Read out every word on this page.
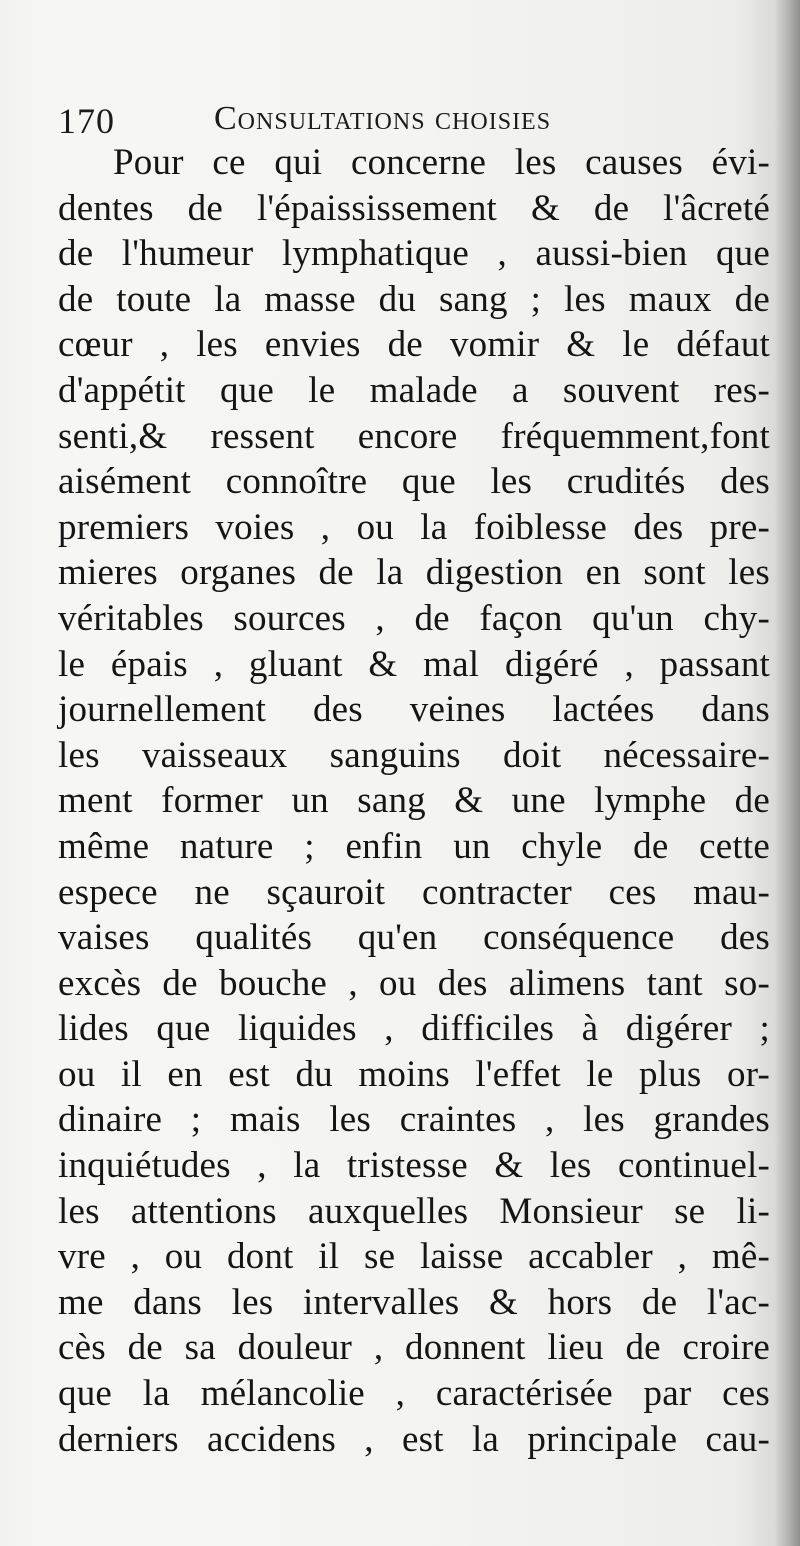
170	Consultations choisies
Pour ce qui concerne les causes évi-
dentes de l'épaississement & de l'âcreté
de l'humeur lymphatique , aussi-bien que
de toute la masse du sang ; les maux de
cœur , les envies de vomir & le défaut
d'appétit que le malade a souvent res-
senti,& ressent encore fréquemment,font
aisément connoître que les crudités des
premiers voies , ou la foiblesse des pre-
mieres organes de la digestion en sont les
véritables sources , de façon qu'un chy-
le épais , gluant & mal digéré , passant
journellement des veines lactées dans
les vaisseaux sanguins doit nécessaire-
ment former un sang & une lymphe de
même nature ; enfin un chyle de cette
espece ne sçauroit contracter ces mau-
vaises qualités qu'en conséquence des
excès de bouche , ou des alimens tant so-
lides que liquides , difficiles à digérer ;
ou il en est du moins l'effet le plus or-
dinaire ; mais les craintes , les grandes
inquiétudes , la tristesse & les continuel-
les attentions auxquelles Monsieur se li-
vre , ou dont il se laisse accabler , mê-
me dans les intervalles & hors de l'ac-
cès de sa douleur , donnent lieu de croire
que la mélancolie , caractérisée par ces
derniers accidens , est la principale cau-
